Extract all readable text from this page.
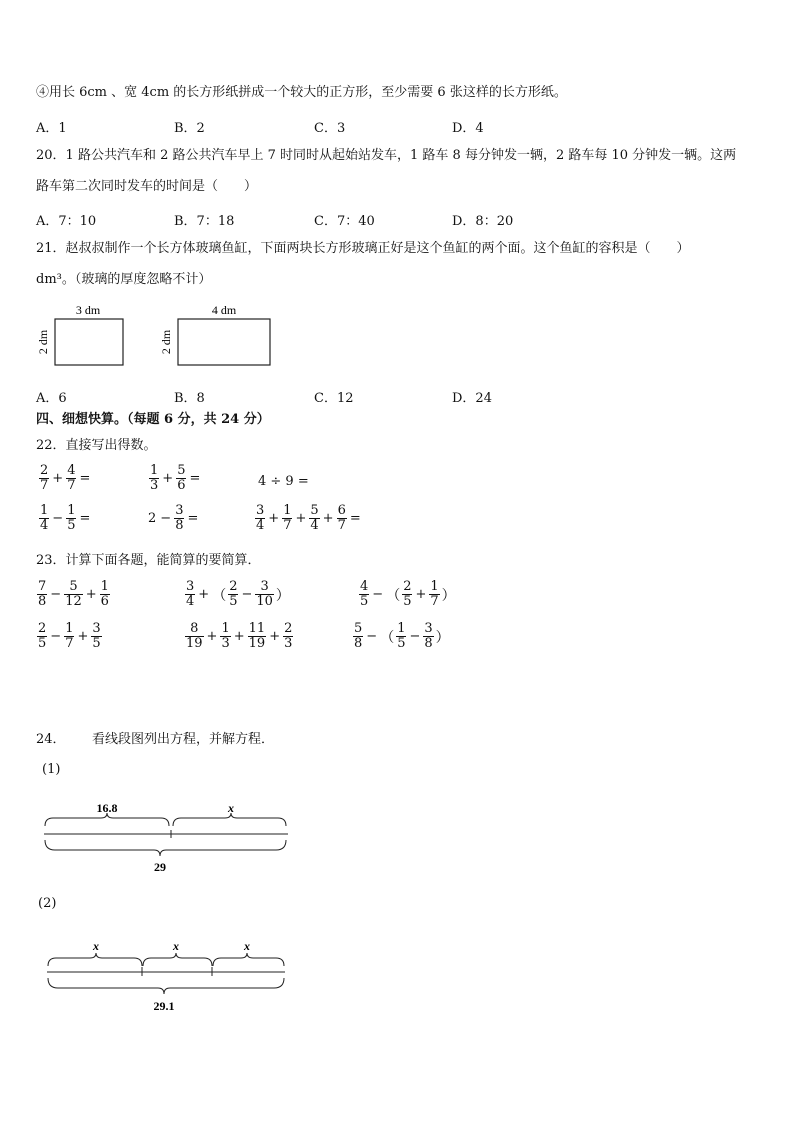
④用长 6cm 、宽 4cm 的长方形纸拼成一个较大的正方形，至少需要 6 张这样的长方形纸。
A．1	B．2	C．3	D．4
20．1 路公共汽车和 2 路公共汽车早上 7 时同时从起始站发车，1 路车 8 每分钟发一辆，2 路车每 10 分钟发一辆。这两
路车第二次同时发车的时间是（　　）
A．7：10	B．7：18	C．7：40	D．8：20
21．赵叔叔制作一个长方体玻璃鱼缸，下面两块长方形玻璃正好是这个鱼缸的两个面。这个鱼缸的容积是（　　）
dm³。（玻璃的厚度忽略不计）
3 dm
2 dm
4 dm
2 dm
A．6	B．8	C．12	D．24
四、细想快算。（每题 6 分，共 24 分）
22．直接写出得数。
$\frac{2}{7} + \frac{4}{7}$ =	$\frac{1}{3} + \frac{5}{6}$ =	4 ÷ 9 =
$\frac{1}{4} - \frac{1}{5}$ =	$2 - \frac{3}{8}$ =	$\frac{3}{4} + \frac{1}{7} + \frac{5}{4} + \frac{6}{7}$ =
23．计算下面各题，能简算的要简算．
$\frac{7}{8} - \frac{5}{12} + \frac{1}{6}$	$\frac{3}{4}$ + （ $\frac{2}{5} - \frac{3}{10}$ ）	$\frac{4}{5}$ − （ $\frac{2}{5} + \frac{1}{7}$ ）
$\frac{2}{5} - \frac{1}{7} + \frac{3}{5}$	$\frac{8}{19} + \frac{1}{3} + \frac{11}{19} + \frac{2}{3}$	$\frac{5}{8}$ − （ $\frac{1}{5} - \frac{3}{8}$ ）
24． 看线段图列出方程，并解方程．
(1)
16.8	x
29
(2)
x	x	x
29.1
